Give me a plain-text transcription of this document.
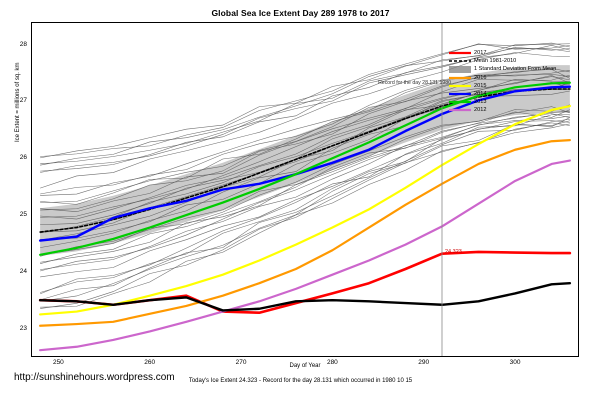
Global Sea Ice Extent Day 289 1978 to 2017
Ice Extent = millions of sq. km
Day of Year
250	260	270	280	290	300
23
24
25
26
27
28
24.323
Record for the day 28.131 1980
2017
Mean 1981-2010
1 Standard Deviation From Mean
2016
2015
2014
2013
2012
http://sunshinehours.wordpress.com	Today's Ice Extent 24.323 - Record for the day 28.131 which occurred in 1980 10 15
